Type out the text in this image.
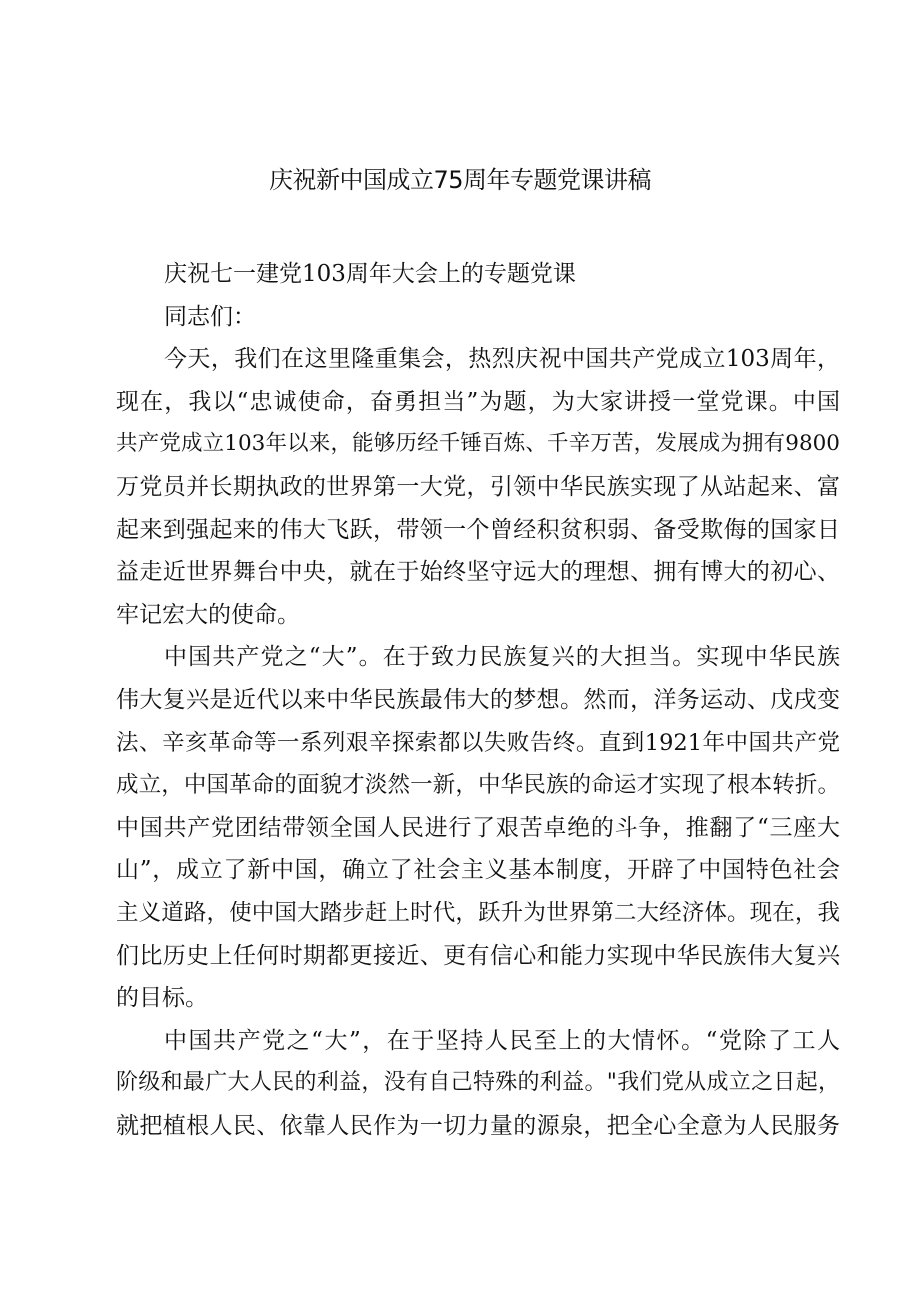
庆祝新中国成立75周年专题党课讲稿

庆祝七一建党103周年大会上的专题党课

同志们：

今天，我们在这里隆重集会，热烈庆祝中国共产党成立103周年，

现在，我以“忠诚使命，奋勇担当”为题，为大家讲授一堂党课。中国

共产党成立103年以来，能够历经千锤百炼、千辛万苦，发展成为拥有9800

万党员并长期执政的世界第一大党，引领中华民族实现了从站起来、富

起来到强起来的伟大飞跃，带领一个曾经积贫积弱、备受欺侮的国家日

益走近世界舞台中央，就在于始终坚守远大的理想、拥有博大的初心、

牢记宏大的使命。

中国共产党之“大”。在于致力民族复兴的大担当。实现中华民族

伟大复兴是近代以来中华民族最伟大的梦想。然而，洋务运动、戊戌变

法、辛亥革命等一系列艰辛探索都以失败告终。直到1921年中国共产党

成立，中国革命的面貌才淡然一新，中华民族的命运才实现了根本转折。

中国共产党团结带领全国人民进行了艰苦卓绝的斗争，推翻了“三座大

山”，成立了新中国，确立了社会主义基本制度，开辟了中国特色社会

主义道路，使中国大踏步赶上时代，跃升为世界第二大经济体。现在，我

们比历史上任何时期都更接近、更有信心和能力实现中华民族伟大复兴

的目标。

中国共产党之“大”，在于坚持人民至上的大情怀。“党除了工人

阶级和最广大人民的利益，没有自己特殊的利益。"我们党从成立之日起，

就把植根人民、依靠人民作为一切力量的源泉，把全心全意为人民服务
